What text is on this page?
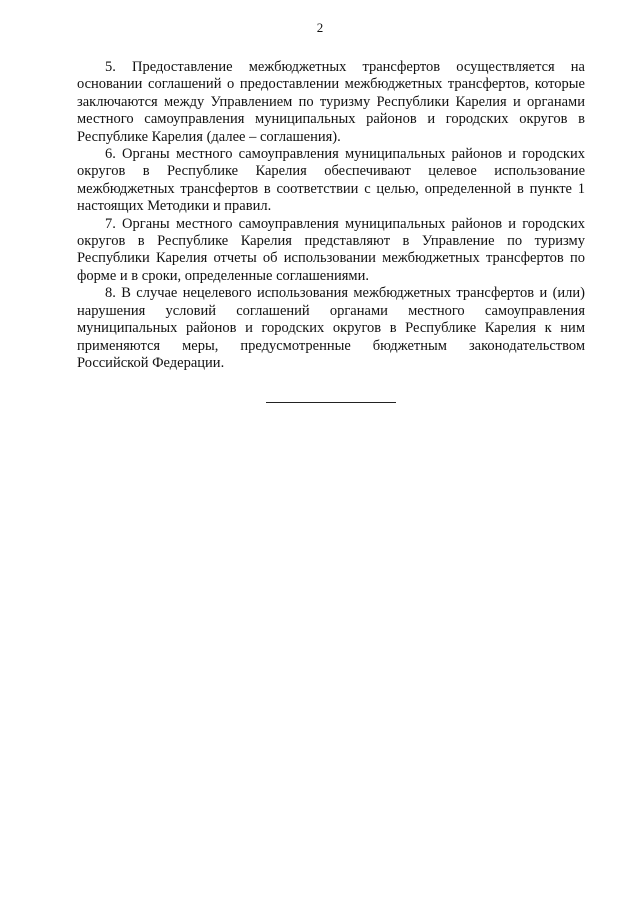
2

5. Предоставление межбюджетных трансфертов осуществляется на основании соглашений о предоставлении межбюджетных трансфертов, которые заключаются между Управлением по туризму Республики Карелия и органами местного самоуправления муниципальных районов и городских округов в Республике Карелия (далее – соглашения).

6. Органы местного самоуправления муниципальных районов и городских округов в Республике Карелия обеспечивают целевое использование межбюджетных трансфертов в соответствии с целью, определенной в пункте 1 настоящих Методики и правил.

7. Органы местного самоуправления муниципальных районов и городских округов в Республике Карелия представляют в Управление по туризму Республики Карелия отчеты об использовании межбюджетных трансфертов по форме и в сроки, определенные соглашениями.

8. В случае нецелевого использования межбюджетных трансфертов и (или) нарушения условий соглашений органами местного самоуправления муниципальных районов и городских округов в Республике Карелия к ним применяются меры, предусмотренные бюджетным законодательством Российской Федерации.
